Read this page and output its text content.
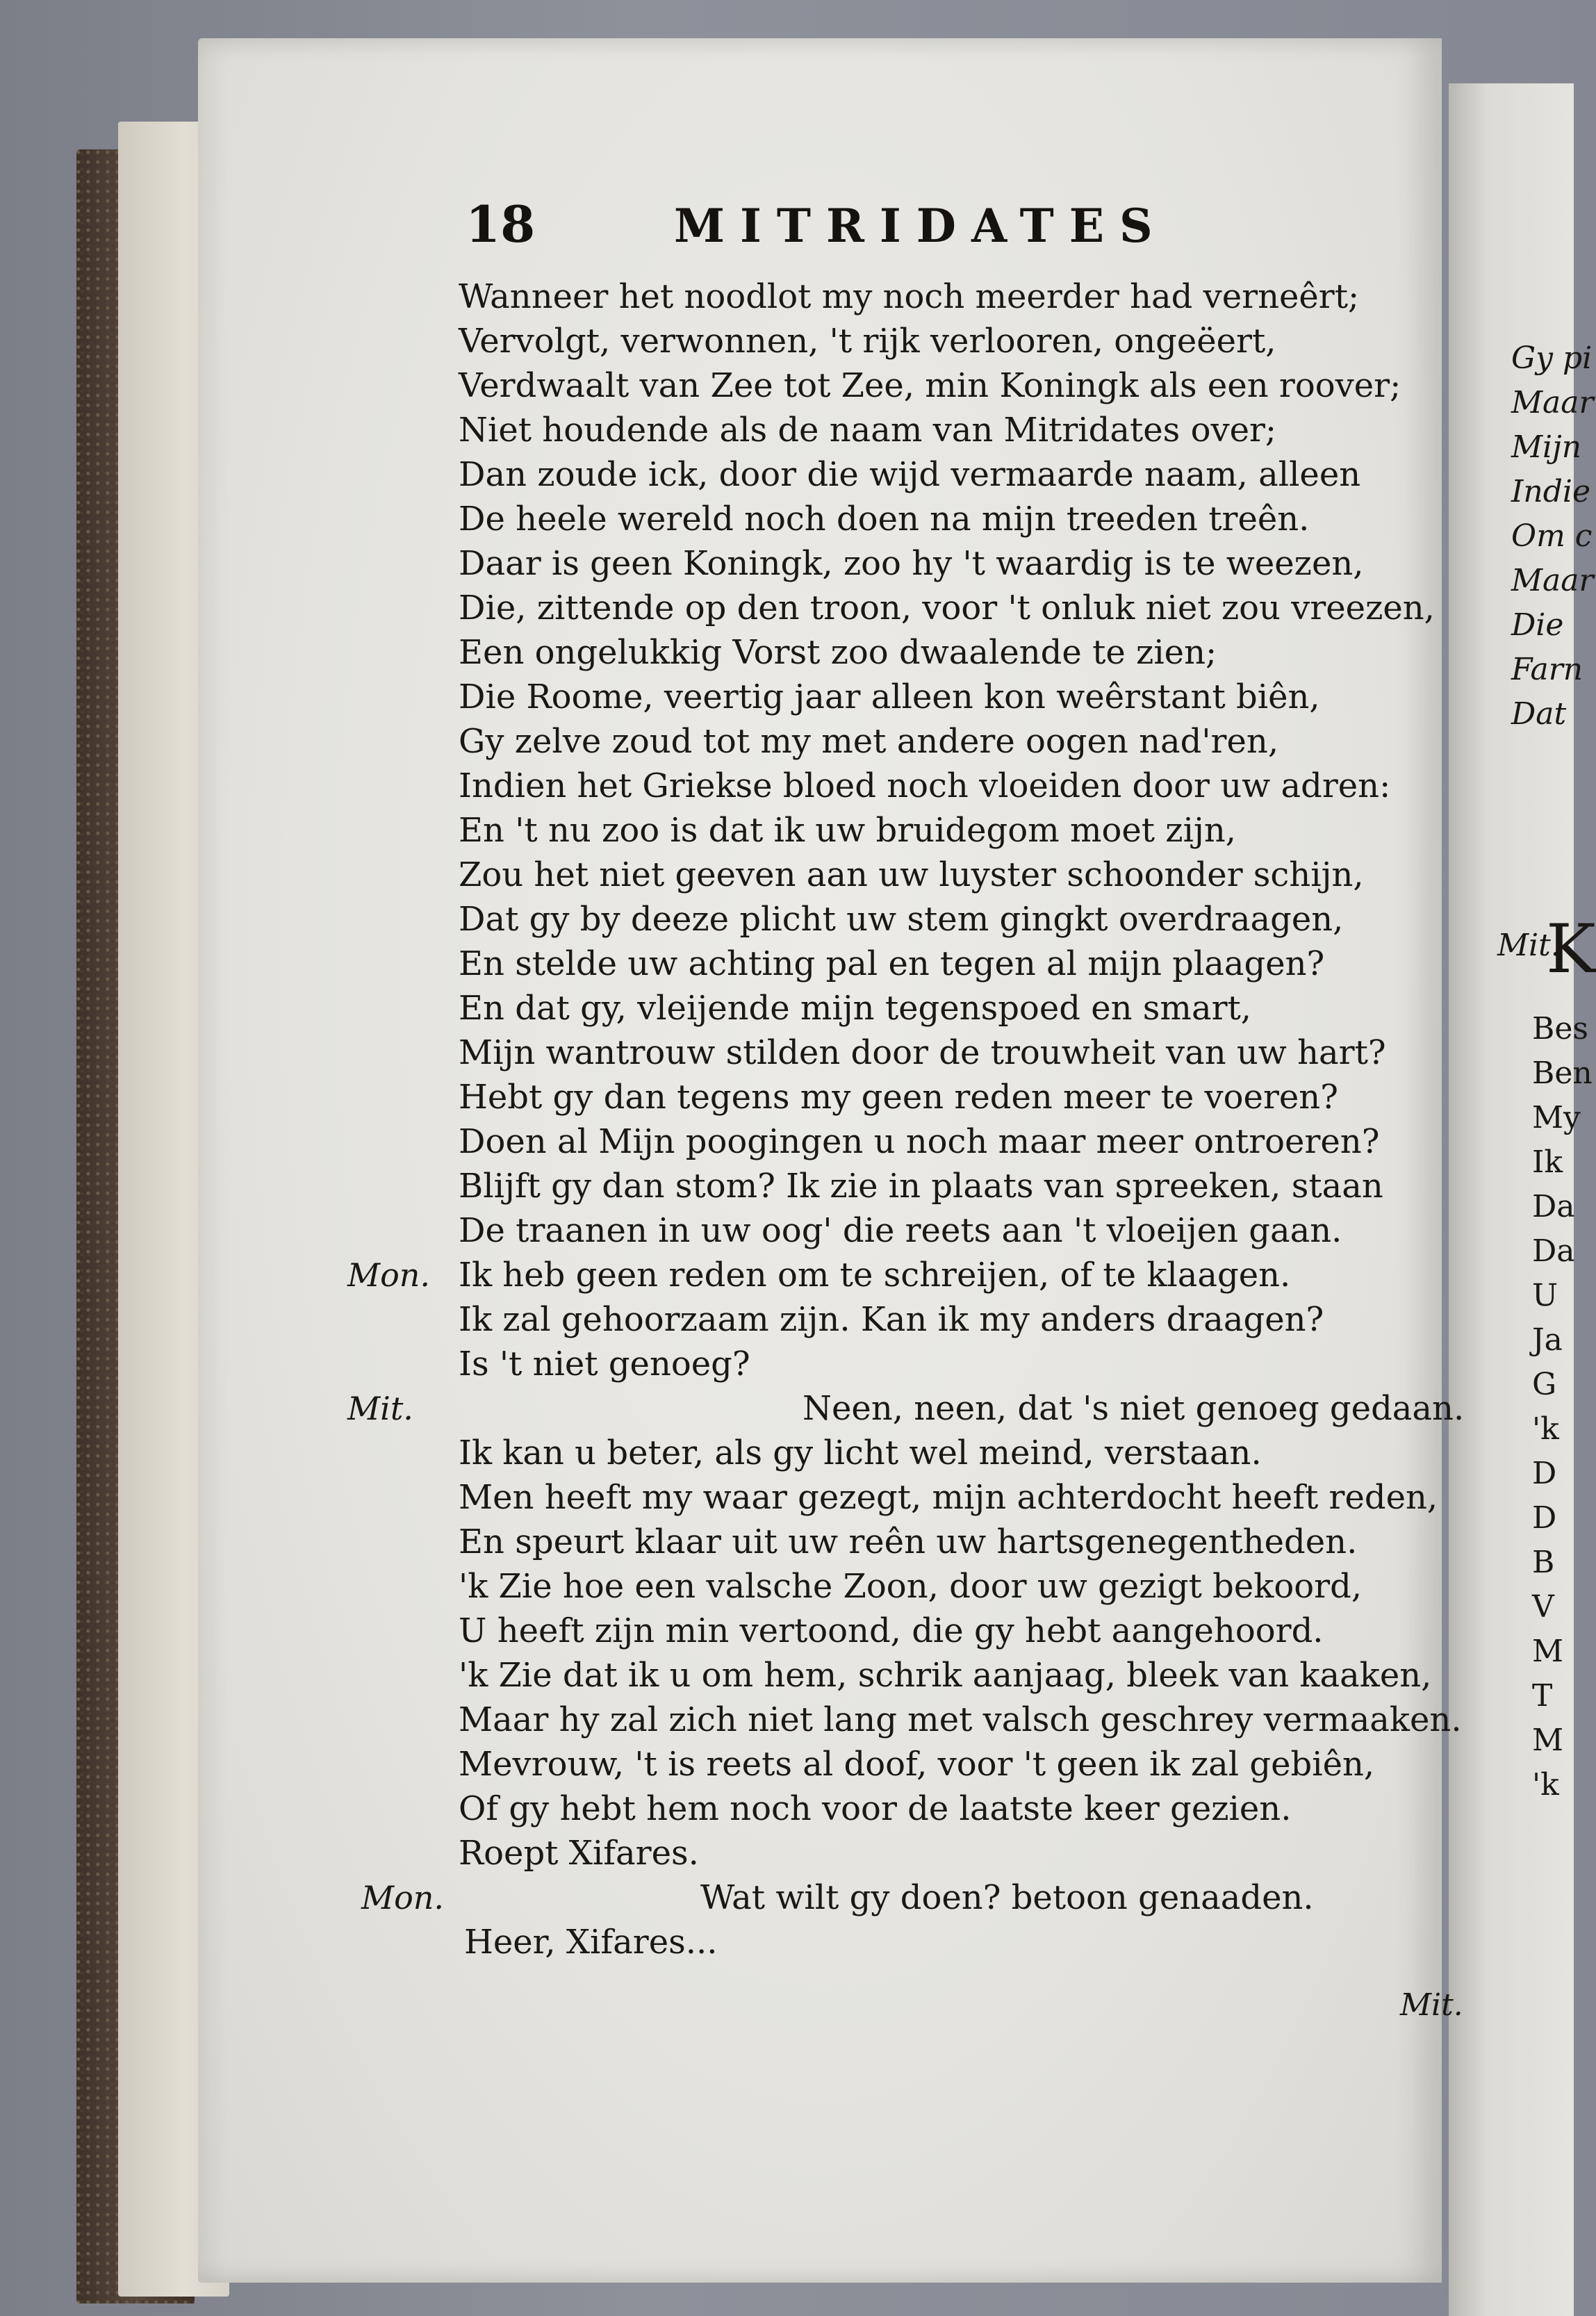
18	MITRIDATES
Wanneer het noodlot my noch meerder had verneêrt;
Vervolgt, verwonnen, 't rijk verlooren, ongeëert,
Verdwaalt van Zee tot Zee, min Koningk als een roover;
Niet houdende als de naam van Mitridates over;
Dan zoude ick, door die wijd vermaarde naam, alleen
De heele wereld noch doen na mijn treeden treên.
Daar is geen Koningk, zoo hy 't waardig is te weezen,
Die, zittende op den troon, voor 't onluk niet zou vreezen,
Een ongelukkig Vorst zoo dwaalende te zien;
Die Roome, veertig jaar alleen kon weêrstant biên,
Gy zelve zoud tot my met andere oogen nad'ren,
Indien het Griekse bloed noch vloeiden door uw adren:
En 't nu zoo is dat ik uw bruidegom moet zijn,
Zou het niet geeven aan uw luyster schoonder schijn,
Dat gy by deeze plicht uw stem gingkt overdraagen,
En stelde uw achting pal en tegen al mijn plaagen?
En dat gy, vleijende mijn tegenspoed en smart,
Mijn wantrouw stilden door de trouwheit van uw hart?
Hebt gy dan tegens my geen reden meer te voeren?
Doen al Mijn poogingen u noch maar meer ontroeren?
Blijft gy dan stom? Ik zie in plaats van spreeken, staan
De traanen in uw oog' die reets aan 't vloeijen gaan.
Ik heb geen reden om te schreijen, of te klaagen.
Ik zal gehoorzaam zijn. Kan ik my anders draagen?
Is 't niet genoeg?
Neen, neen, dat 's niet genoeg gedaan.
Ik kan u beter, als gy licht wel meind, verstaan.
Men heeft my waar gezegt, mijn achterdocht heeft reden,
En speurt klaar uit uw reên uw hartsgenegentheden.
'k Zie hoe een valsche Zoon, door uw gezigt bekoord,
U heeft zijn min vertoond, die gy hebt aangehoord.
'k Zie dat ik u om hem, schrik aanjaag, bleek van kaaken,
Maar hy zal zich niet lang met valsch geschrey vermaaken.
Mevrouw, 't is reets al doof, voor 't geen ik zal gebiên,
Of gy hebt hem noch voor de laatste keer gezien.
Roept Xifares.
Wat wilt gy doen? betoon genaaden.
Heer, Xifares...
Mon.
Mit.
Mon.
Mit.
Gy pi
Maar
Mijn
Indie
Om c
Maar
Die
Farn
Dat
Mit.
K
Bes
Ben
My
Ik
Da
Da
U
Ja
G
'k
D
D
B
V
M
T
M
'k
